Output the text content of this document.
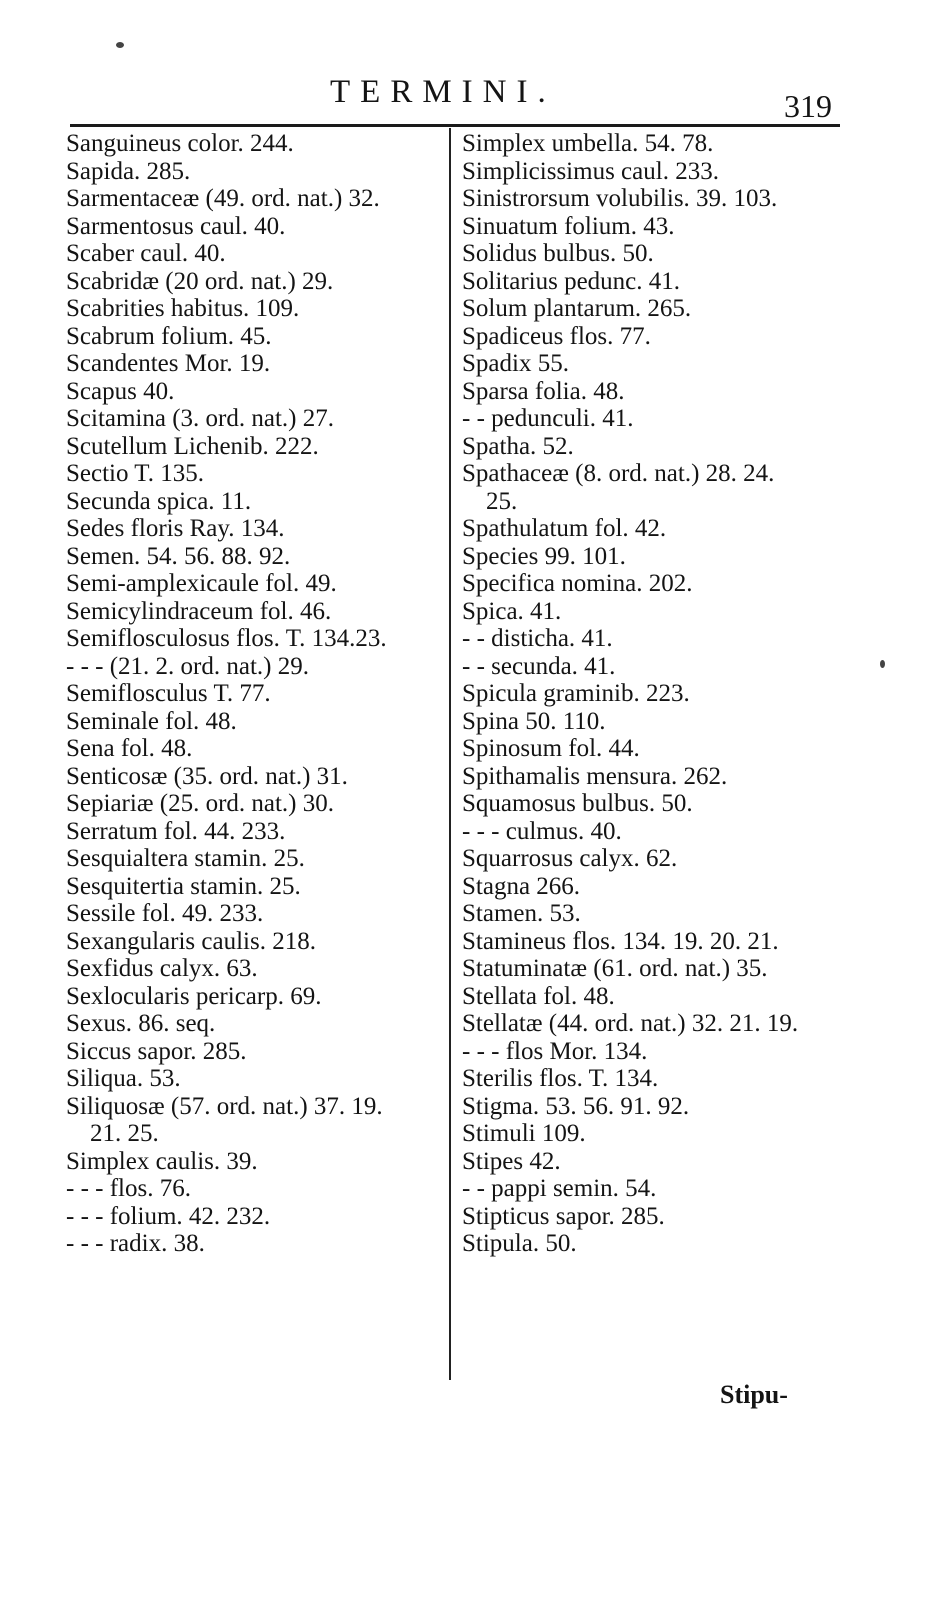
TERMINI.	319
Sanguineus color. 244.
Sapida. 285.
Sarmentaceæ (49. ord. nat.) 32.
Sarmentosus caul. 40.
Scaber caul. 40.
Scabridæ (20 ord. nat.) 29.
Scabrities habitus. 109.
Scabrum folium. 45.
Scandentes Mor. 19.
Scapus 40.
Scitamina (3. ord. nat.) 27.
Scutellum Lichenib. 222.
Sectio T. 135.
Secunda spica. 11.
Sedes floris Ray. 134.
Semen. 54. 56. 88. 92.
Semi-amplexicaule fol. 49.
Semicylindraceum fol. 46.
Semiflosculosus flos. T. 134.23.
- - - (21. 2. ord. nat.) 29.
Semiflosculus T. 77.
Seminale fol. 48.
Sena fol. 48.
Senticosæ (35. ord. nat.) 31.
Sepiariæ (25. ord. nat.) 30.
Serratum fol. 44. 233.
Sesquialtera stamin. 25.
Sesquitertia stamin. 25.
Sessile fol. 49. 233.
Sexangularis caulis. 218.
Sexfidus calyx. 63.
Sexlocularis pericarp. 69.
Sexus. 86. seq.
Siccus sapor. 285.
Siliqua. 53.
Siliquosæ (57. ord. nat.) 37. 19.
21. 25.
Simplex caulis. 39.
- - - flos. 76.
- - - folium. 42. 232.
- - - radix. 38.
Simplex umbella. 54. 78.
Simplicissimus caul. 233.
Sinistrorsum volubilis. 39. 103.
Sinuatum folium. 43.
Solidus bulbus. 50.
Solitarius pedunc. 41.
Solum plantarum. 265.
Spadiceus flos. 77.
Spadix 55.
Sparsa folia. 48.
- - pedunculi. 41.
Spatha. 52.
Spathaceæ (8. ord. nat.) 28. 24.
25.
Spathulatum fol. 42.
Species 99. 101.
Specifica nomina. 202.
Spica. 41.
- - disticha. 41.
- - secunda. 41.
Spicula graminib. 223.
Spina 50. 110.
Spinosum fol. 44.
Spithamalis mensura. 262.
Squamosus bulbus. 50.
- - - culmus. 40.
Squarrosus calyx. 62.
Stagna 266.
Stamen. 53.
Stamineus flos. 134. 19. 20. 21.
Statuminatæ (61. ord. nat.) 35.
Stellata fol. 48.
Stellatæ (44. ord. nat.) 32. 21. 19.
- - - flos Mor. 134.
Sterilis flos. T. 134.
Stigma. 53. 56. 91. 92.
Stimuli 109.
Stipes 42.
- - pappi semin. 54.
Stipticus sapor. 285.
Stipula. 50.
Stipu-
